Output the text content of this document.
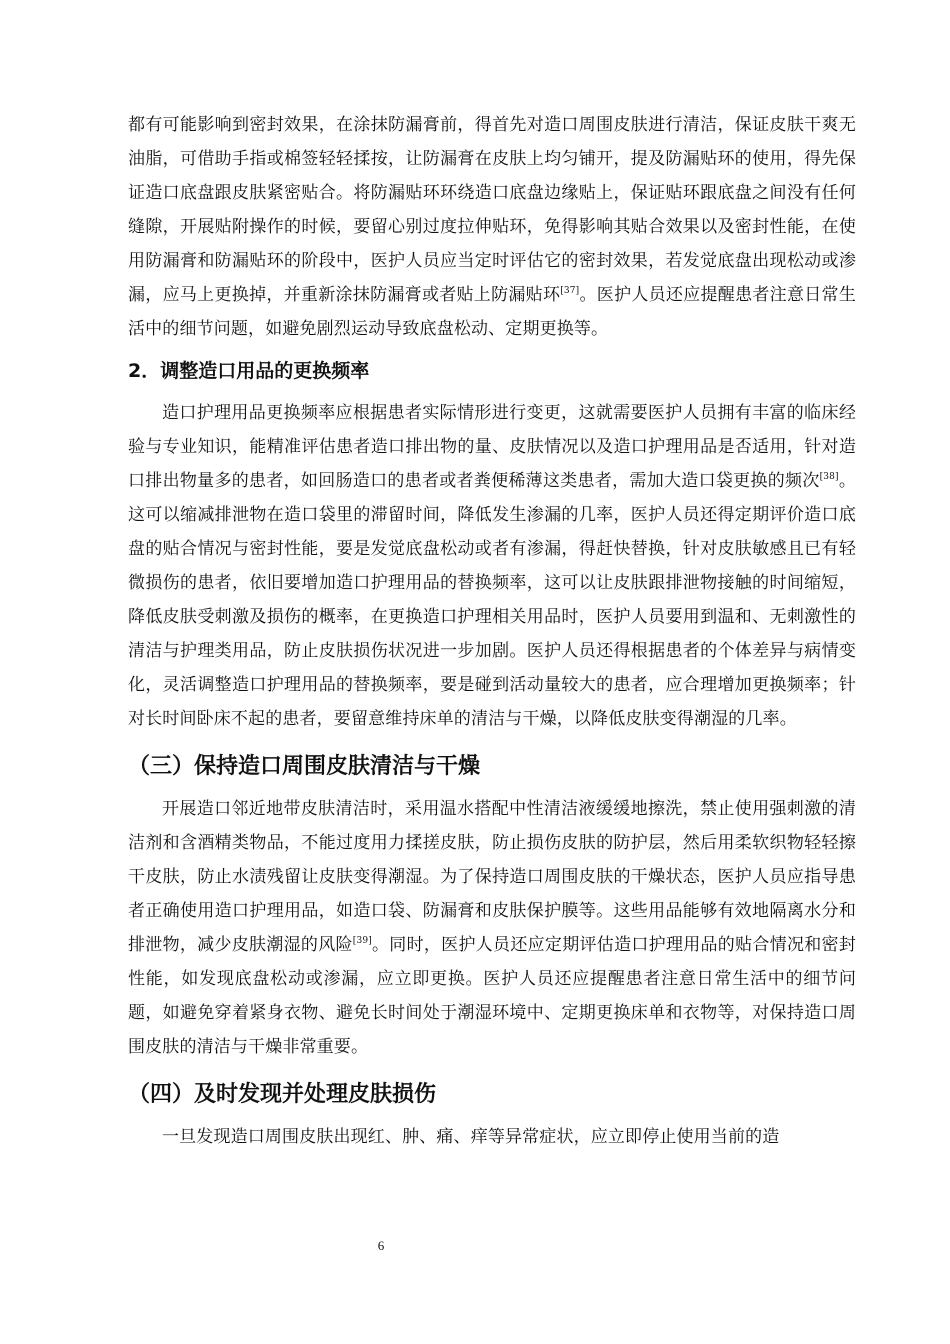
都有可能影响到密封效果，在涂抹防漏膏前，得首先对造口周围皮肤进行清洁，保证皮肤干爽无油脂，可借助手指或棉签轻轻揉按，让防漏膏在皮肤上均匀铺开，提及防漏贴环的使用，得先保证造口底盘跟皮肤紧密贴合。将防漏贴环环绕造口底盘边缘贴上，保证贴环跟底盘之间没有任何缝隙，开展贴附操作的时候，要留心别过度拉伸贴环，免得影响其贴合效果以及密封性能，在使用防漏膏和防漏贴环的阶段中，医护人员应当定时评估它的密封效果，若发觉底盘出现松动或渗漏，应马上更换掉，并重新涂抹防漏膏或者贴上防漏贴环[37]。医护人员还应提醒患者注意日常生活中的细节问题，如避免剧烈运动导致底盘松动、定期更换等。

2．调整造口用品的更换频率

造口护理用品更换频率应根据患者实际情形进行变更，这就需要医护人员拥有丰富的临床经验与专业知识，能精准评估患者造口排出物的量、皮肤情况以及造口护理用品是否适用，针对造口排出物量多的患者，如回肠造口的患者或者粪便稀薄这类患者，需加大造口袋更换的频次[38]。这可以缩减排泄物在造口袋里的滞留时间，降低发生渗漏的几率，医护人员还得定期评价造口底盘的贴合情况与密封性能，要是发觉底盘松动或者有渗漏，得赶快替换，针对皮肤敏感且已有轻微损伤的患者，依旧要增加造口护理用品的替换频率，这可以让皮肤跟排泄物接触的时间缩短，降低皮肤受刺激及损伤的概率，在更换造口护理相关用品时，医护人员要用到温和、无刺激性的清洁与护理类用品，防止皮肤损伤状况进一步加剧。医护人员还得根据患者的个体差异与病情变化，灵活调整造口护理用品的替换频率，要是碰到活动量较大的患者，应合理增加更换频率；针对长时间卧床不起的患者，要留意维持床单的清洁与干燥，以降低皮肤变得潮湿的几率。

（三）保持造口周围皮肤清洁与干燥

开展造口邻近地带皮肤清洁时，采用温水搭配中性清洁液缓缓地擦洗，禁止使用强刺激的清洁剂和含酒精类物品，不能过度用力揉搓皮肤，防止损伤皮肤的防护层，然后用柔软织物轻轻擦干皮肤，防止水渍残留让皮肤变得潮湿。为了保持造口周围皮肤的干燥状态，医护人员应指导患者正确使用造口护理用品，如造口袋、防漏膏和皮肤保护膜等。这些用品能够有效地隔离水分和排泄物，减少皮肤潮湿的风险[39]。同时，医护人员还应定期评估造口护理用品的贴合情况和密封性能，如发现底盘松动或渗漏，应立即更换。医护人员还应提醒患者注意日常生活中的细节问题，如避免穿着紧身衣物、避免长时间处于潮湿环境中、定期更换床单和衣物等，对保持造口周围皮肤的清洁与干燥非常重要。

（四）及时发现并处理皮肤损伤

一旦发现造口周围皮肤出现红、肿、痛、痒等异常症状，应立即停止使用当前的造

6
